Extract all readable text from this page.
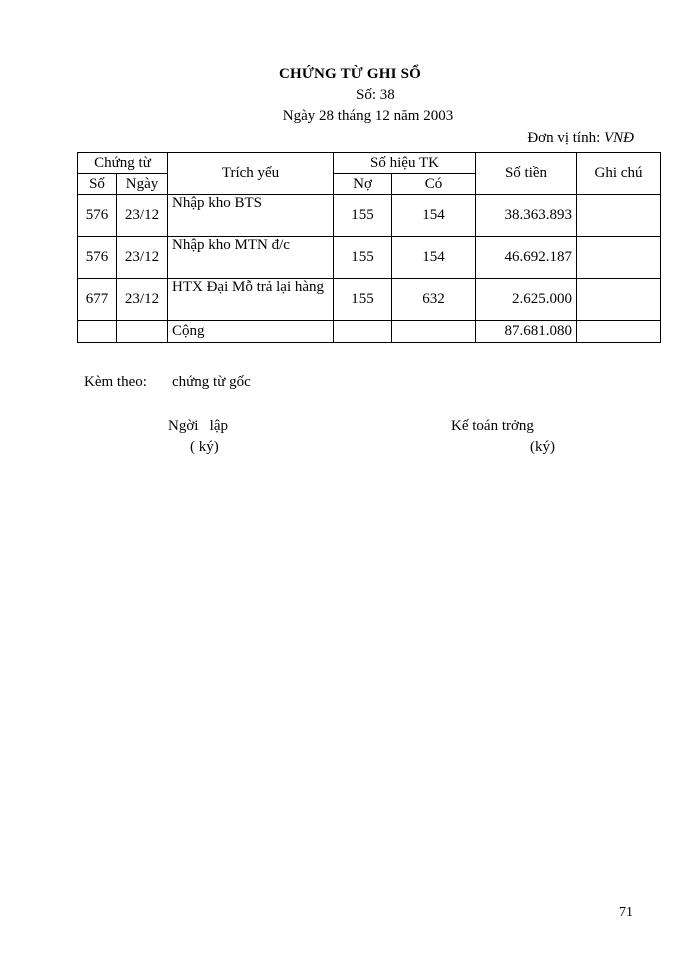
CHỨNG TỪ GHI SỔ
Số: 38
Ngày 28 tháng 12 năm 2003
Đơn vị tính: VNĐ
Chứng từ		Trích yếu	Số hiệu TK		Số tiền	Ghi chú
Số	Ngày		Nợ	Có		
576	23/12	Nhập kho BTS	155	154	38.363.893	
576	23/12	Nhập kho MTN đ/c	155	154	46.692.187	
677	23/12	HTX Đại Mỗ trả lại hàng	155	632	2.625.000	
		Cộng			87.681.080	
Kèm theo: chứng từ gốc
Ngời   lập
( ký)
Kế toán trởng
(ký)
71
